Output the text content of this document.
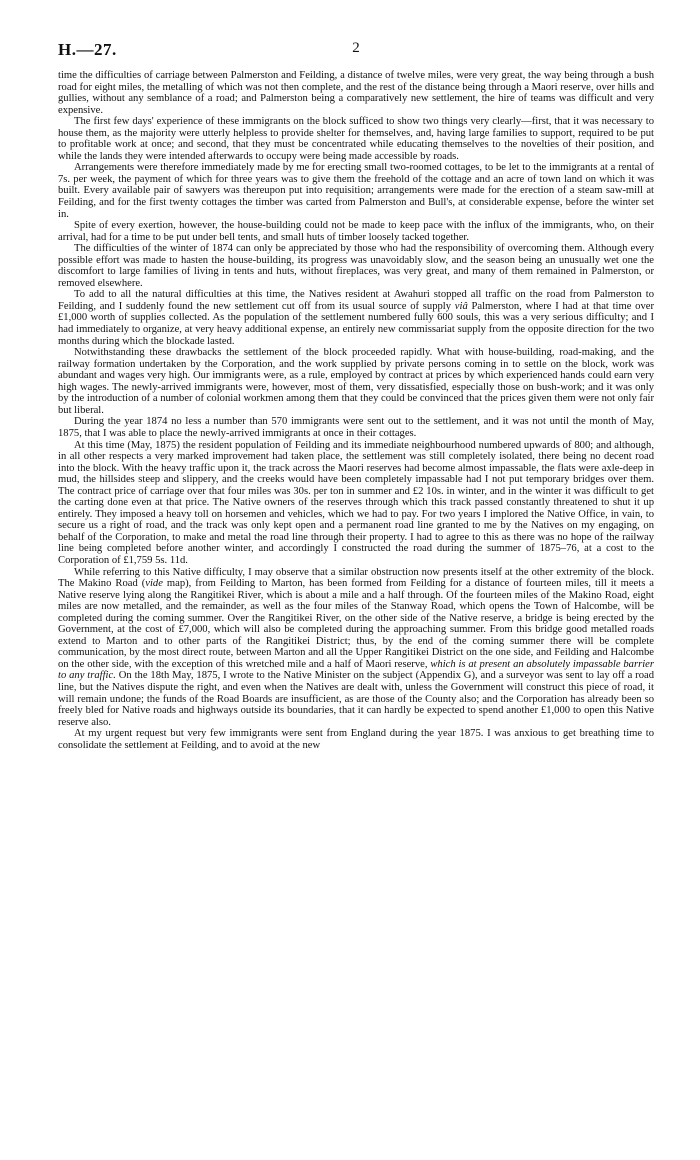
H.—27.	2

time the difficulties of carriage between Palmerston and Feilding, a distance of twelve miles, were very great, the way being through a bush road for eight miles, the metalling of which was not then complete, and the rest of the distance being through a Maori reserve, over hills and gullies, without any semblance of a road; and Palmerston being a comparatively new settlement, the hire of teams was difficult and very expensive.

The first few days' experience of these immigrants on the block sufficed to show two things very clearly—first, that it was necessary to house them, as the majority were utterly helpless to provide shelter for themselves, and, having large families to support, required to be put to profitable work at once; and second, that they must be concentrated while educating themselves to the novelties of their position, and while the lands they were intended afterwards to occupy were being made accessible by roads.

Arrangements were therefore immediately made by me for erecting small two-roomed cottages, to be let to the immigrants at a rental of 7s. per week, the payment of which for three years was to give them the freehold of the cottage and an acre of town land on which it was built. Every available pair of sawyers was thereupon put into requisition; arrangements were made for the erection of a steam saw-mill at Feilding, and for the first twenty cottages the timber was carted from Palmerston and Bull's, at considerable expense, before the winter set in.

Spite of every exertion, however, the house-building could not be made to keep pace with the influx of the immigrants, who, on their arrival, had for a time to be put under bell tents, and small huts of timber loosely tacked together.

The difficulties of the winter of 1874 can only be appreciated by those who had the responsibility of overcoming them. Although every possible effort was made to hasten the house-building, its progress was unavoidably slow, and the season being an unusually wet one the discomfort to large families of living in tents and huts, without fireplaces, was very great, and many of them remained in Palmerston, or removed elsewhere.

To add to all the natural difficulties at this time, the Natives resident at Awahuri stopped all traffic on the road from Palmerston to Feilding, and I suddenly found the new settlement cut off from its usual source of supply viâ Palmerston, where I had at that time over £1,000 worth of supplies collected. As the population of the settlement numbered fully 600 souls, this was a very serious difficulty; and I had immediately to organize, at very heavy additional expense, an entirely new commissariat supply from the opposite direction for the two months during which the blockade lasted.

Notwithstanding these drawbacks the settlement of the block proceeded rapidly. What with house-building, road-making, and the railway formation undertaken by the Corporation, and the work supplied by private persons coming in to settle on the block, work was abundant and wages very high. Our immigrants were, as a rule, employed by contract at prices by which experienced hands could earn very high wages. The newly-arrived immigrants were, however, most of them, very dissatisfied, especially those on bush-work; and it was only by the introduction of a number of colonial workmen among them that they could be convinced that the prices given them were not only fair but liberal.

During the year 1874 no less a number than 570 immigrants were sent out to the settlement, and it was not until the month of May, 1875, that I was able to place the newly-arrived immigrants at once in their cottages.

At this time (May, 1875) the resident population of Feilding and its immediate neighbourhood numbered upwards of 800; and although, in all other respects a very marked improvement had taken place, the settlement was still completely isolated, there being no decent road into the block. With the heavy traffic upon it, the track across the Maori reserves had become almost impassable, the flats were axle-deep in mud, the hillsides steep and slippery, and the creeks would have been completely impassable had I not put temporary bridges over them. The contract price of carriage over that four miles was 30s. per ton in summer and £2 10s. in winter, and in the winter it was difficult to get the carting done even at that price. The Native owners of the reserves through which this track passed constantly threatened to shut it up entirely. They imposed a heavy toll on horsemen and vehicles, which we had to pay. For two years I implored the Native Office, in vain, to secure us a right of road, and the track was only kept open and a permanent road line granted to me by the Natives on my engaging, on behalf of the Corporation, to make and metal the road line through their property. I had to agree to this as there was no hope of the railway line being completed before another winter, and accordingly I constructed the road during the summer of 1875–76, at a cost to the Corporation of £1,759 5s. 11d.

While referring to this Native difficulty, I may observe that a similar obstruction now presents itself at the other extremity of the block. The Makino Road (vide map), from Feilding to Marton, has been formed from Feilding for a distance of fourteen miles, till it meets a Native reserve lying along the Rangitikei River, which is about a mile and a half through. Of the fourteen miles of the Makino Road, eight miles are now metalled, and the remainder, as well as the four miles of the Stanway Road, which opens the Town of Halcombe, will be completed during the coming summer. Over the Rangitikei River, on the other side of the Native reserve, a bridge is being erected by the Government, at the cost of £7,000, which will also be completed during the approaching summer. From this bridge good metalled roads extend to Marton and to other parts of the Rangitikei District; thus, by the end of the coming summer there will be complete communication, by the most direct route, between Marton and all the Upper Rangitikei District on the one side, and Feilding and Halcombe on the other side, with the exception of this wretched mile and a half of Maori reserve, which is at present an absolutely impassable barrier to any traffic. On the 18th May, 1875, I wrote to the Native Minister on the subject (Appendix G), and a surveyor was sent to lay off a road line, but the Natives dispute the right, and even when the Natives are dealt with, unless the Government will construct this piece of road, it will remain undone; the funds of the Road Boards are insufficient, as are those of the County also; and the Corporation has already been so freely bled for Native roads and highways outside its boundaries, that it can hardly be expected to spend another £1,000 to open this Native reserve also.

At my urgent request but very few immigrants were sent from England during the year 1875. I was anxious to get breathing time to consolidate the settlement at Feilding, and to avoid at the new
